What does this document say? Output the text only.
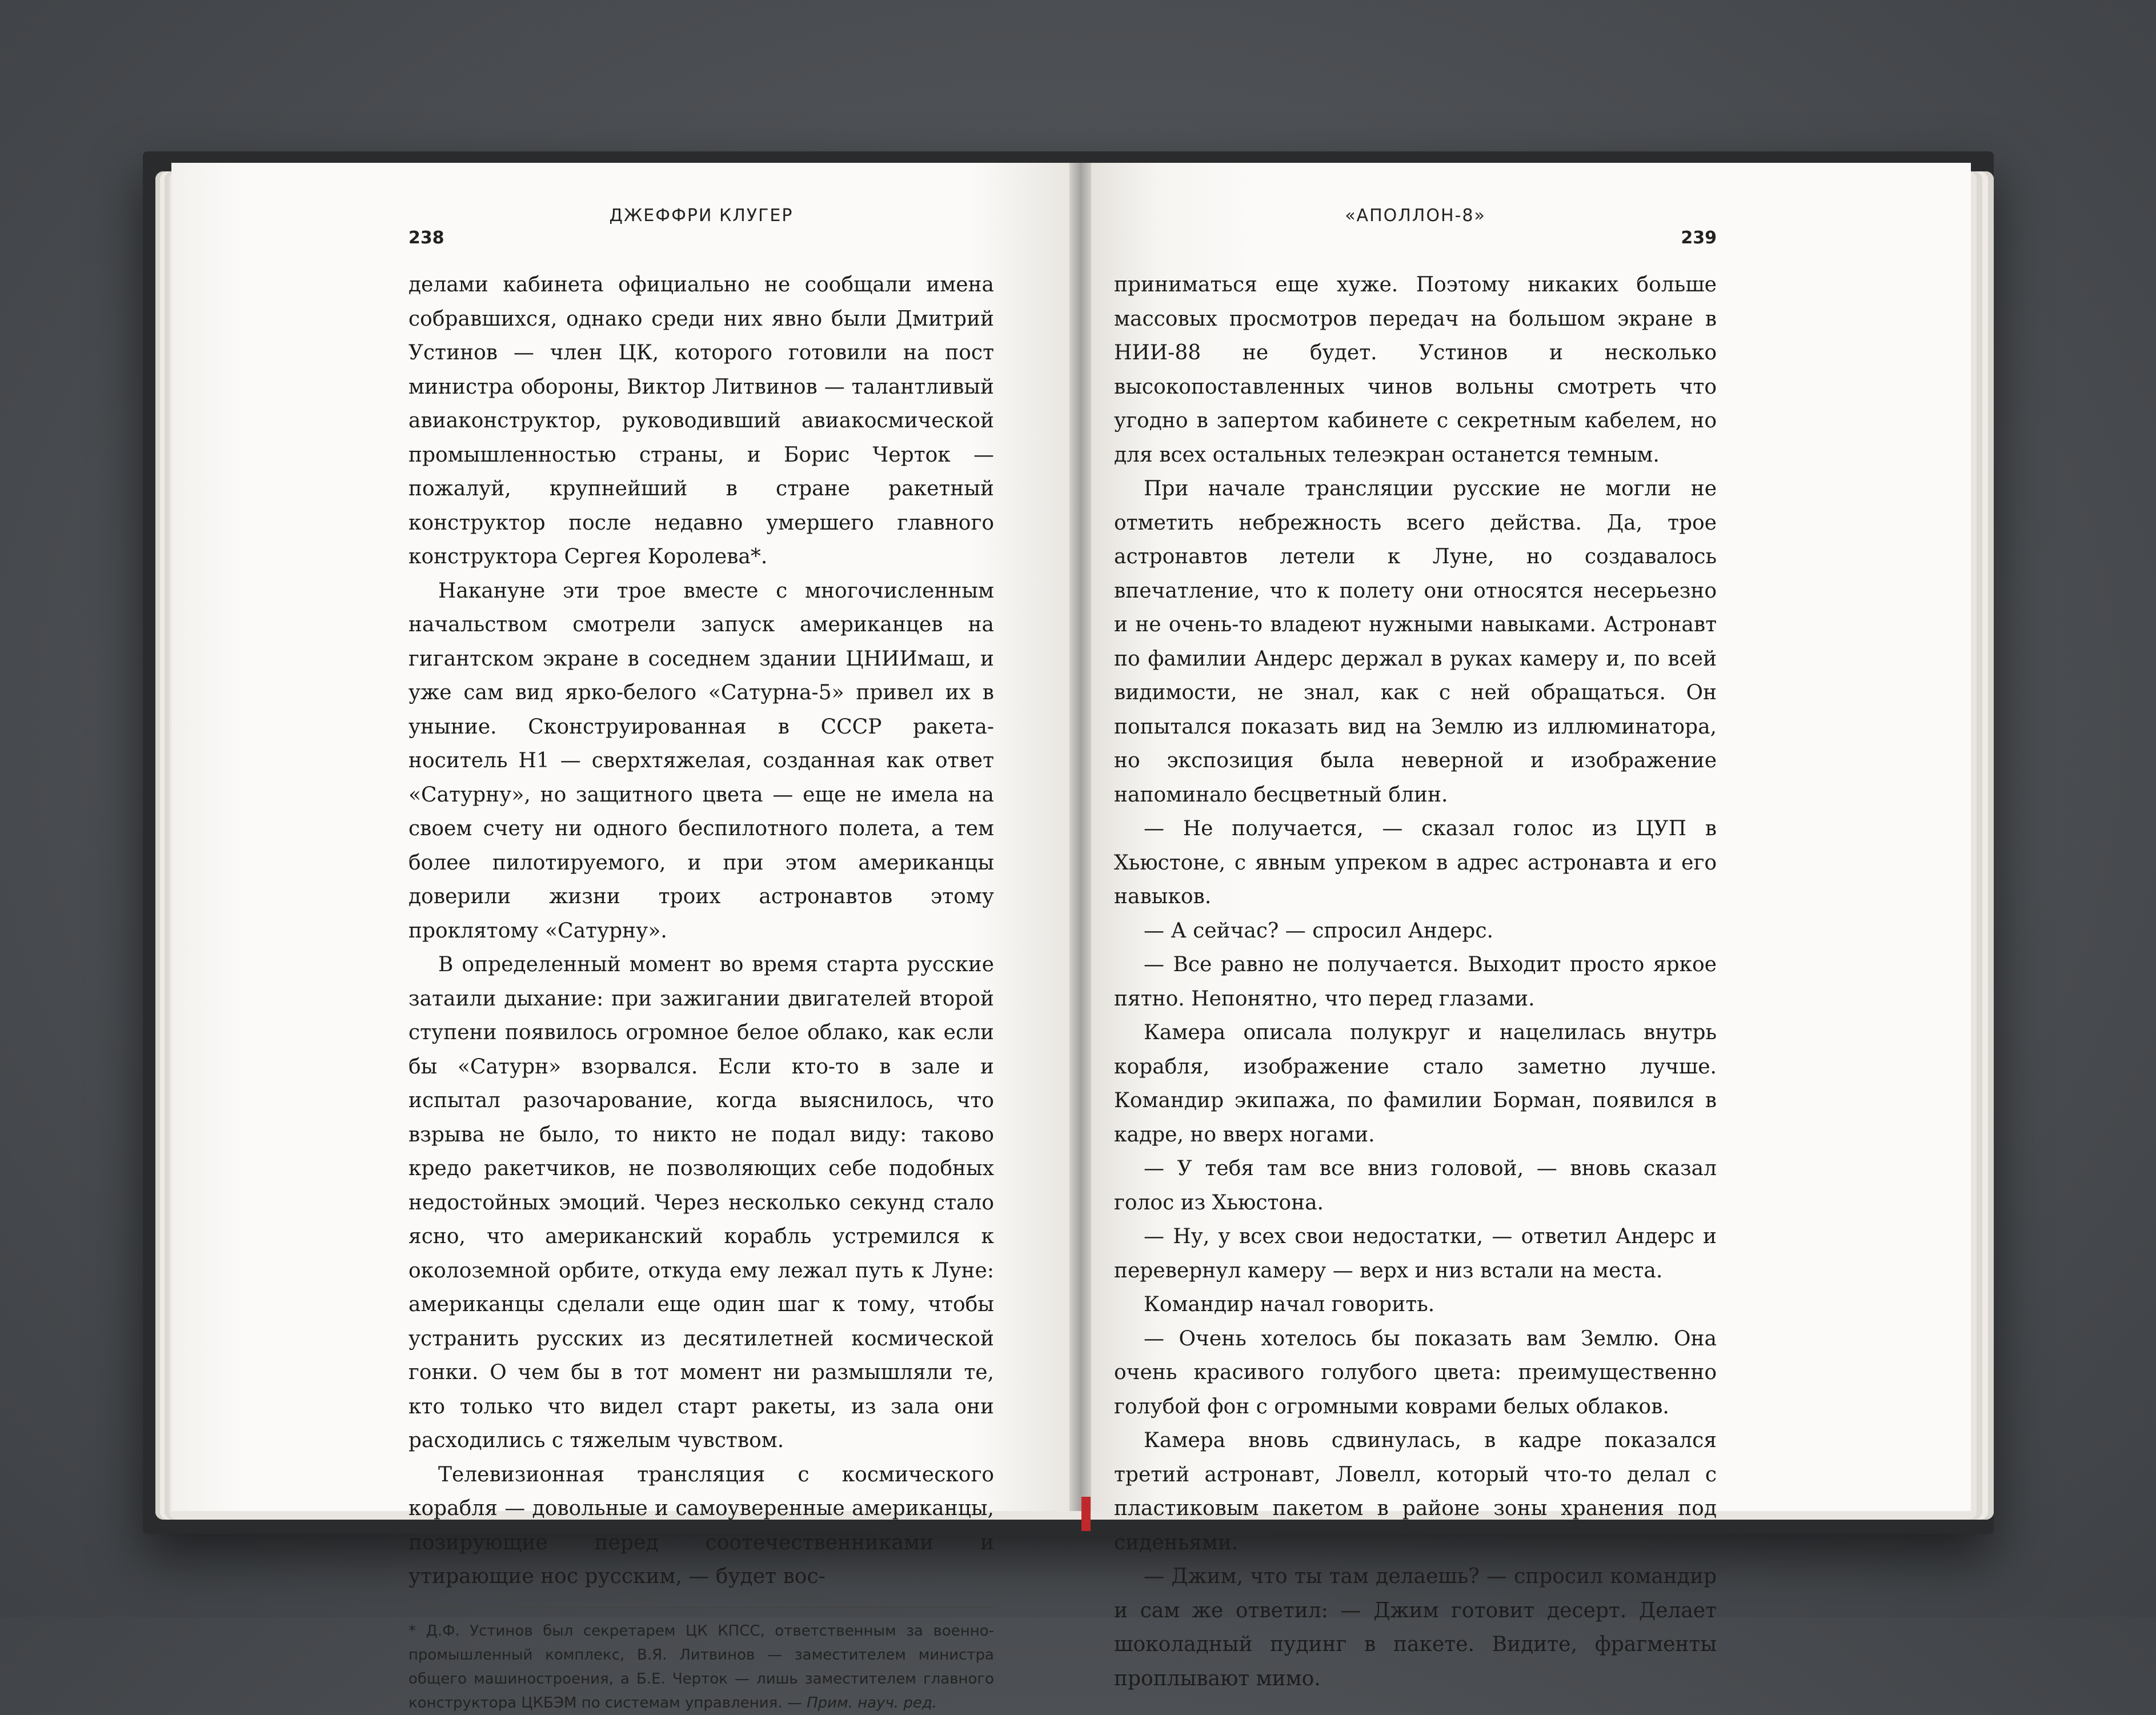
ДЖЕФФРИ КЛУГЕР
238

делами кабинета официально не сообщали имена собравшихся, однако среди них явно были Дмитрий Устинов — член ЦК, которого готовили на пост министра обороны, Виктор Литвинов — талантливый авиаконструктор, руководивший авиакосмической промышленностью страны, и Борис Черток — пожалуй, крупнейший в стране ракетный конструктор после недавно умершего главного конструктора Сергея Королева*.

Накануне эти трое вместе с многочисленным начальством смотрели запуск американцев на гигантском экране в соседнем здании ЦНИИмаш, и уже сам вид ярко-белого «Сатурна-5» привел их в уныние. Сконструированная в СССР ракета-носитель Н1 — сверхтяжелая, созданная как ответ «Сатурну», но защитного цвета — еще не имела на своем счету ни одного беспилотного полета, а тем более пилотируемого, и при этом американцы доверили жизни троих астронавтов этому проклятому «Сатурну».

В определенный момент во время старта русские затаили дыхание: при зажигании двигателей второй ступени появилось огромное белое облако, как если бы «Сатурн» взорвался. Если кто-то в зале и испытал разочарование, когда выяснилось, что взрыва не было, то никто не подал виду: таково кредо ракетчиков, не позволяющих себе подобных недостойных эмоций. Через несколько секунд стало ясно, что американский корабль устремился к околоземной орбите, откуда ему лежал путь к Луне: американцы сделали еще один шаг к тому, чтобы устранить русских из десятилетней космической гонки. О чем бы в тот момент ни размышляли те, кто только что видел старт ракеты, из зала они расходились с тяжелым чувством.

Телевизионная трансляция с космического корабля — довольные и самоуверенные американцы, позирующие перед соотечественниками и утирающие нос русским, — будет вос-

* Д.Ф. Устинов был секретарем ЦК КПСС, ответственным за военно-промышленный комплекс, В.Я. Литвинов — заместителем министра общего машиностроения, а Б.Е. Черток — лишь заместителем главного конструктора ЦКБЭМ по системам управления. — Прим. науч. ред.
«АПОЛЛОН-8»
239

приниматься еще хуже. Поэтому никаких больше массовых просмотров передач на большом экране в НИИ-88 не будет. Устинов и несколько высокопоставленных чинов вольны смотреть что угодно в запертом кабинете с секретным кабелем, но для всех остальных телеэкран останется темным.

При начале трансляции русские не могли не отметить небрежность всего действа. Да, трое астронавтов летели к Луне, но создавалось впечатление, что к полету они относятся несерьезно и не очень-то владеют нужными навыками. Астронавт по фамилии Андерс держал в руках камеру и, по всей видимости, не знал, как с ней обращаться. Он попытался показать вид на Землю из иллюминатора, но экспозиция была неверной и изображение напоминало бесцветный блин.

— Не получается, — сказал голос из ЦУП в Хьюстоне, с явным упреком в адрес астронавта и его навыков.

— А сейчас? — спросил Андерс.

— Все равно не получается. Выходит просто яркое пятно. Непонятно, что перед глазами.

Камера описала полукруг и нацелилась внутрь корабля, изображение стало заметно лучше. Командир экипажа, по фамилии Борман, появился в кадре, но вверх ногами.

— У тебя там все вниз головой, — вновь сказал голос из Хьюстона.

— Ну, у всех свои недостатки, — ответил Андерс и перевернул камеру — верх и низ встали на места.

Командир начал говорить.

— Очень хотелось бы показать вам Землю. Она очень красивого голубого цвета: преимущественно голубой фон с огромными коврами белых облаков.

Камера вновь сдвинулась, в кадре показался третий астронавт, Ловелл, который что-то делал с пластиковым пакетом в районе зоны хранения под сиденьями.

— Джим, что ты там делаешь? — спросил командир и сам же ответил: — Джим готовит десерт. Делает шоколадный пудинг в пакете. Видите, фрагменты проплывают мимо.
